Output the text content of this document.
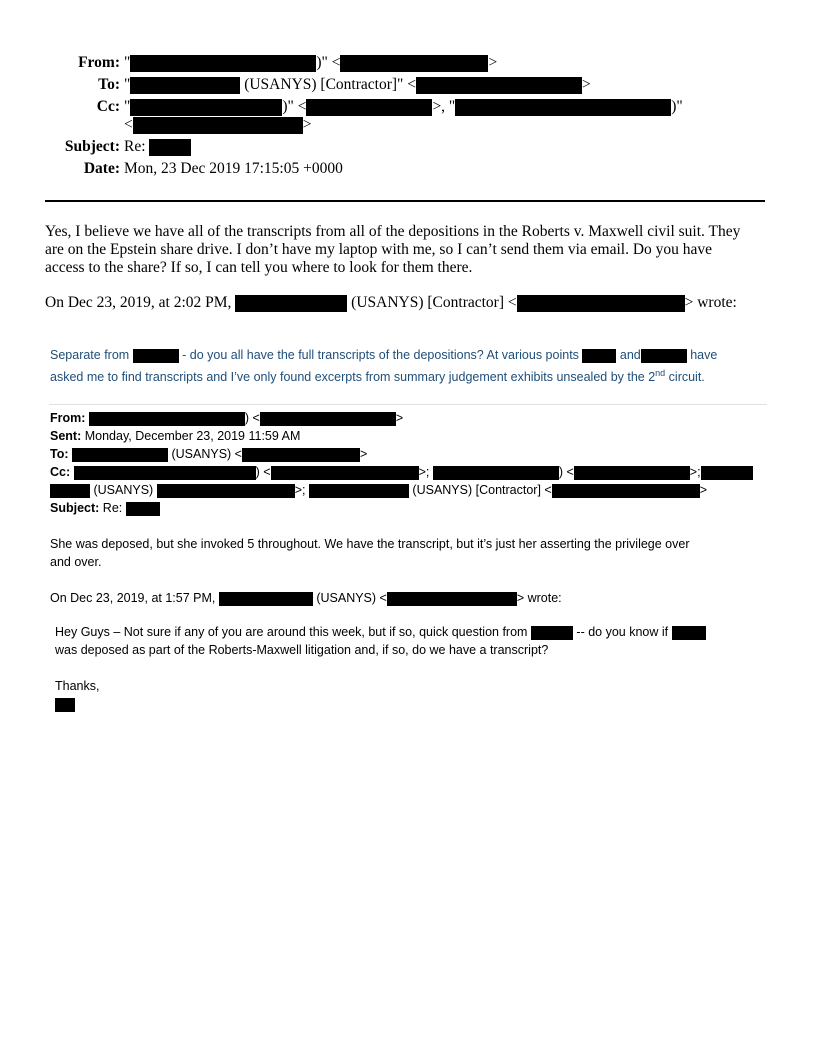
From: "	)" <	>
To: "	(USANYS) [Contractor]" <	>
Cc: "	)" <	>, "	)"
<	>
Subject: Re:
Date: Mon, 23 Dec 2019 17:15:05 +0000
Yes, I believe we have all of the transcripts from all of the depositions in the Roberts v. Maxwell civil suit. They
are on the Epstein share drive. I don’t have my laptop with me, so I can’t send them via email. Do you have
access to the share? If so, I can tell you where to look for them there.
On Dec 23, 2019, at 2:02 PM,	(USANYS) [Contractor] <	> wrote:
Separate from	- do you all have the full transcripts of the depositions? At various points	and	have
asked me to find transcripts and I’ve only found excerpts from summary judgement exhibits unsealed by the 2nd circuit.
From:	) <	>
Sent: Monday, December 23, 2019 11:59 AM
To:	(USANYS) <	>
Cc:	) <	>;	) <	>;
(USANYS)	>;	(USANYS) [Contractor] <	>
Subject: Re:
She was deposed, but she invoked 5 throughout. We have the transcript, but it’s just her asserting the privilege over
and over.
On Dec 23, 2019, at 1:57 PM,	(USANYS) <	> wrote:
Hey Guys – Not sure if any of you are around this week, but if so, quick question from	-- do you know if
was deposed as part of the Roberts-Maxwell litigation and, if so, do we have a transcript?
Thanks,
